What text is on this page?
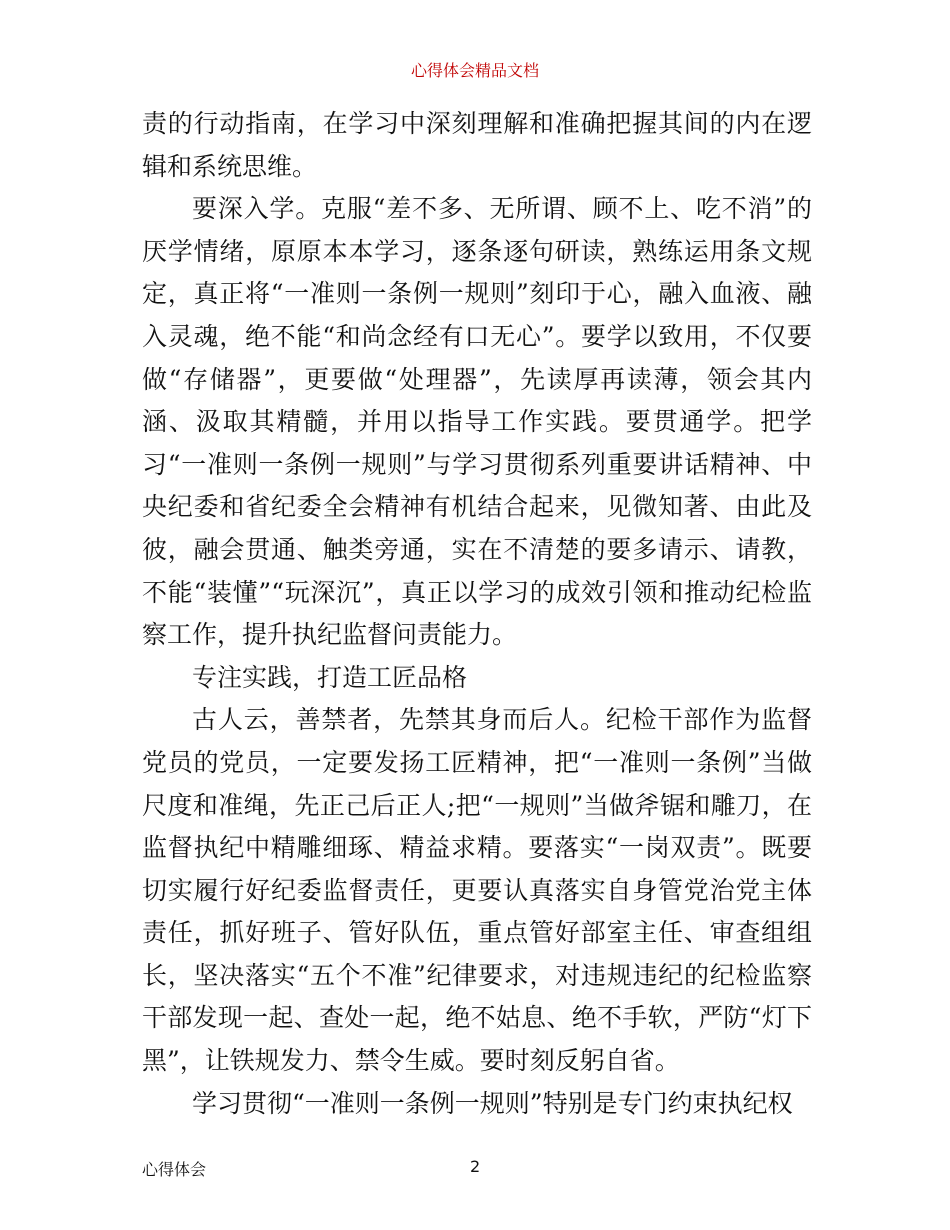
心得体会精品文档

责的行动指南，在学习中深刻理解和准确把握其间的内在逻辑和系统思维。

要深入学。克服“差不多、无所谓、顾不上、吃不消”的厌学情绪，原原本本学习，逐条逐句研读，熟练运用条文规定，真正将“一准则一条例一规则”刻印于心，融入血液、融入灵魂，绝不能“和尚念经有口无心”。要学以致用，不仅要做“存储器”，更要做“处理器”，先读厚再读薄，领会其内涵、汲取其精髓，并用以指导工作实践。要贯通学。把学习“一准则一条例一规则”与学习贯彻系列重要讲话精神、中央纪委和省纪委全会精神有机结合起来，见微知著、由此及彼，融会贯通、触类旁通，实在不清楚的要多请示、请教，不能“装懂”“玩深沉”，真正以学习的成效引领和推动纪检监察工作，提升执纪监督问责能力。

专注实践，打造工匠品格

古人云，善禁者，先禁其身而后人。纪检干部作为监督党员的党员，一定要发扬工匠精神，把“一准则一条例”当做尺度和准绳，先正己后正人;把“一规则”当做斧锯和雕刀，在监督执纪中精雕细琢、精益求精。要落实“一岗双责”。既要切实履行好纪委监督责任，更要认真落实自身管党治党主体责任，抓好班子、管好队伍，重点管好部室主任、审查组组长，坚决落实“五个不准”纪律要求，对违规违纪的纪检监察干部发现一起、查处一起，绝不姑息、绝不手软，严防“灯下黑”，让铁规发力、禁令生威。要时刻反躬自省。

学习贯彻“一准则一条例一规则”特别是专门约束执纪权

心得体会	2
